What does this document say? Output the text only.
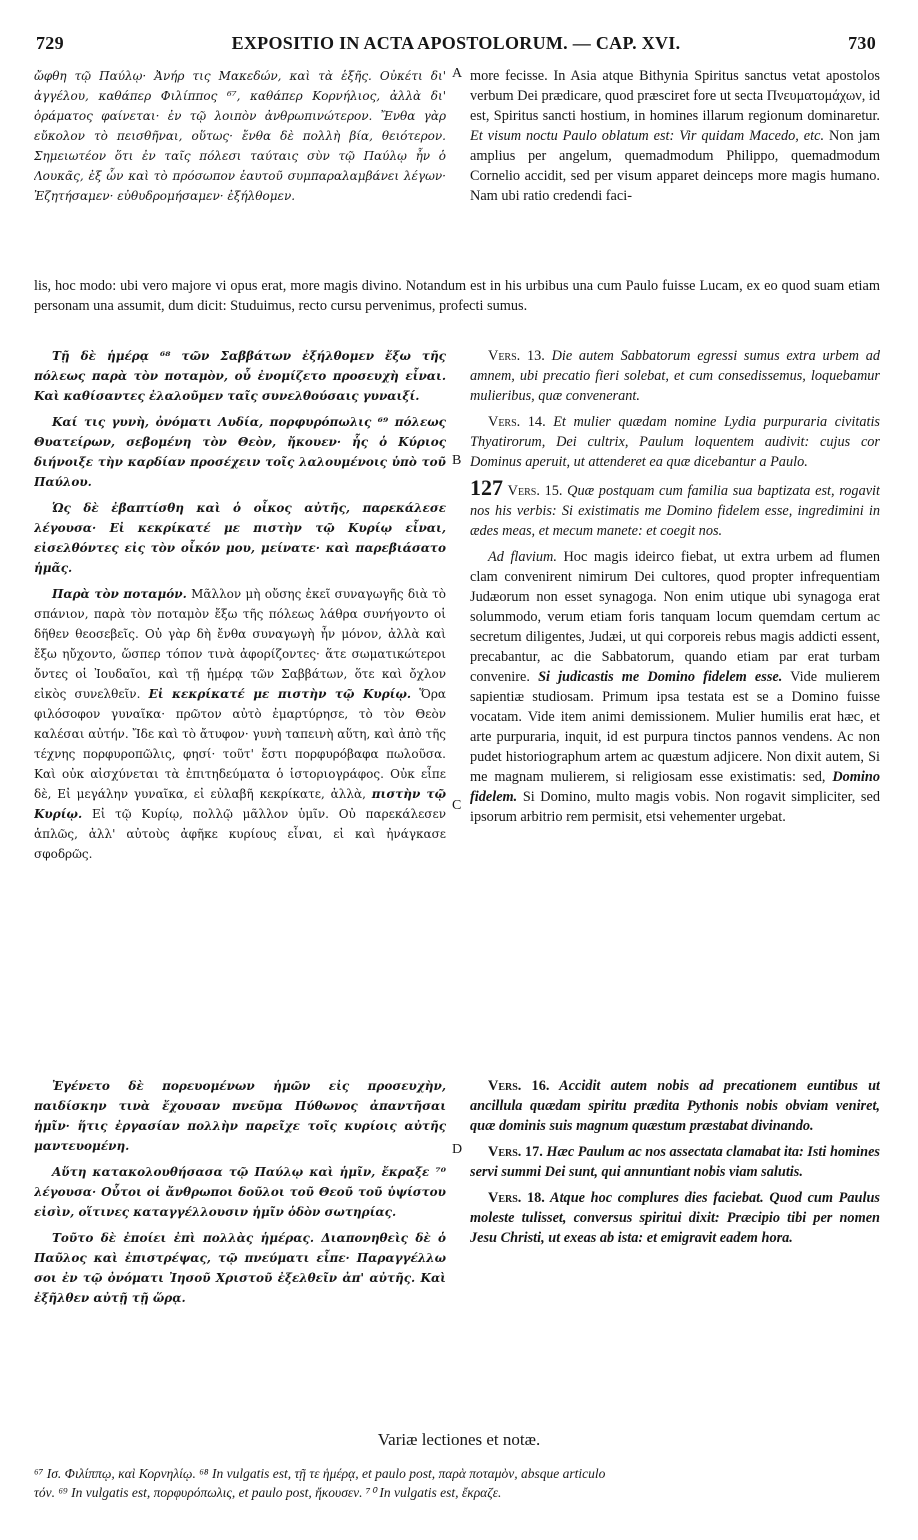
729	EXPOSITIO IN ACTA APOSTOLORUM. — CAP. XVI.	730
A
B
C
D

ὤφθη τῷ Παύλῳ· Ἀνήρ τις Μακεδών, καὶ τὰ ἑξῆς. Οὐκέτι δι' ἀγγέλου, καθάπερ Φιλίππος ⁶⁷, καθάπερ Κορνήλιος, ἀλλὰ δι' ὁράματος φαίνεται· ἐν τῷ λοιπὸν ἀνθρωπινώτερον. Ἔνθα γὰρ εὔκολον τὸ πεισθῆναι, οὕτως· ἔνθα δὲ πολλὴ βία, θειότερον. Σημειωτέον ὅτι ἐν ταῖς πόλεσι ταύταις σὺν τῷ Παύλῳ ἦν ὁ Λουκᾶς, ἐξ ὧν καὶ τὸ πρόσωπον ἑαυτοῦ συμπαραλαμβάνει λέγων· Ἐζητήσαμεν· εὐθυδρομήσαμεν· ἐξήλθομεν.

more fecisse. In Asia atque Bithynia Spiritus sanctus vetat apostolos verbum Dei prædicare, quod præsciret fore ut secta Πνευματομάχων, id est, Spiritus sancti hostium, in homines illarum regionum dominaretur. Et visum noctu Paulo oblatum est: Vir quidam Macedo, etc. Non jam amplius per angelum, quemadmodum Philippo, quemadmodum Cornelio accidit, sed per visum apparet deinceps more magis humano. Nam ubi ratio credendi faci-

lis, hoc modo: ubi vero majore vi opus erat, more magis divino. Notandum est in his urbibus una cum Paulo fuisse Lucam, ex eo quod suam etiam personam una assumit, dum dicit: Studuimus, recto cursu pervenimus, profecti sumus.

Τῇ δὲ ἡμέρᾳ ⁶⁸ τῶν Σαββάτων ἐξήλθομεν ἔξω τῆς πόλεως παρὰ τὸν ποταμὸν, οὗ ἐνομίζετο προσευχὴ εἶναι. Καὶ καθίσαντες ἐλαλοῦμεν ταῖς συνελθούσαις γυναιξί.

Καί τις γυνὴ, ὀνόματι Λυδία, πορφυρόπωλις ⁶⁹ πόλεως Θυατείρων, σεβομένη τὸν Θεὸν, ἤκουεν· ἧς ὁ Κύριος διήνοιξε τὴν καρδίαν προσέχειν τοῖς λαλουμένοις ὑπὸ τοῦ Παύλου.

Ὡς δὲ ἐβαπτίσθη καὶ ὁ οἶκος αὐτῆς, παρεκάλεσε λέγουσα· Εἰ κεκρίκατέ με πιστὴν τῷ Κυρίῳ εἶναι, εἰσελθόντες εἰς τὸν οἶκόν μου, μείνατε· καὶ παρεβιάσατο ἡμᾶς.

Παρὰ τὸν ποταμόν. Μᾶλλον μὴ οὔσης ἐκεῖ συναγωγῆς διὰ τὸ σπάνιον, παρὰ τὸν ποταμὸν ἔξω τῆς πόλεως λάθρα συνήγοντο οἱ δῆθεν θεοσεβεῖς. Οὐ γὰρ δὴ ἔνθα συναγωγὴ ἦν μόνον, ἀλλὰ καὶ ἔξω ηὔχοντο, ὥσπερ τόπον τινὰ ἀφορίζοντες· ἅτε σωματικώτεροι ὄντες οἱ Ἰουδαῖοι, καὶ τῇ ἡμέρᾳ τῶν Σαββάτων, ὅτε καὶ ὄχλον εἰκὸς συνελθεῖν. Εἰ κεκρίκατέ με πιστὴν τῷ Κυρίῳ. Ὅρα φιλόσοφον γυναῖκα· πρῶτον αὐτὸ ἐμαρτύρησε, τὸ τὸν Θεὸν καλέσαι αὐτήν. Ἴδε καὶ τὸ ἄτυφον· γυνὴ ταπεινὴ αὕτη, καὶ ἀπὸ τῆς τέχνης πορφυροπῶλις, φησί· τοῦτ' ἔστι πορφυρόβαφα πωλοῦσα. Καὶ οὐκ αἰσχύνεται τὰ ἐπιτηδεύματα ὁ ἱστοριογράφος. Οὐκ εἶπε δὲ, Εἰ μεγάλην γυναῖκα, εἰ εὐλαβῆ κεκρίκατε, ἀλλὰ, πιστὴν τῷ Κυρίῳ. Εἰ τῷ Κυρίῳ, πολλῷ μᾶλλον ὑμῖν. Οὐ παρεκάλεσεν ἁπλῶς, ἀλλ' αὐτοὺς ἀφῆκε κυρίους εἶναι, εἰ καὶ ἠνάγκασε σφοδρῶς.

Vers. 13. Die autem Sabbatorum egressi sumus extra urbem ad amnem, ubi precatio fieri solebat, et cum consedissemus, loquebamur mulieribus, quæ convenerant.

Vers. 14. Et mulier quædam nomine Lydia purpuraria civitatis Thyatirorum, Dei cultrix, Paulum loquentem audivit: cujus cor Dominus aperuit, ut attenderet ea quæ dicebantur a Paulo.

127 Vers. 15. Quæ postquam cum familia sua baptizata est, rogavit nos his verbis: Si existimatis me Domino fidelem esse, ingredimini in ædes meas, et mecum manete: et coegit nos.

Ad flavium. Hoc magis ideirco fiebat, ut extra urbem ad flumen clam convenirent nimirum Dei cultores, quod propter infrequentiam Judæorum non esset synagoga. Non enim utique ubi synagoga erat solummodo, verum etiam foris tanquam locum quemdam certum ac secretum diligentes, Judæi, ut qui corporeis rebus magis addicti essent, precabantur, ac die Sabbatorum, quando etiam par erat turbam convenire. Si judicastis me Domino fidelem esse. Vide mulierem sapientiæ studiosam. Primum ipsa testata est se a Domino fuisse vocatam. Vide item animi demissionem. Mulier humilis erat hæc, et arte purpuraria, inquit, id est purpura tinctos pannos vendens. Ac non pudet historiographum artem ac quæstum adjicere. Non dixit autem, Si me magnam mulierem, si religiosam esse existimatis: sed, Domino fidelem. Si Domino, multo magis vobis. Non rogavit simpliciter, sed ipsorum arbitrio rem permisit, etsi vehementer urgebat.

Ἐγένετο δὲ πορευομένων ἡμῶν εἰς προσευχὴν, παιδίσκην τινὰ ἔχουσαν πνεῦμα Πύθωνος ἀπαντῆσαι ἡμῖν· ἥτις ἐργασίαν πολλὴν παρεῖχε τοῖς κυρίοις αὐτῆς μαντευομένη.

Αὕτη κατακολουθήσασα τῷ Παύλῳ καὶ ἡμῖν, ἔκραξε ⁷⁰ λέγουσα· Οὗτοι οἱ ἄνθρωποι δοῦλοι τοῦ Θεοῦ τοῦ ὑψίστου εἰσὶν, οἵτινες καταγγέλλουσιν ἡμῖν ὁδὸν σωτηρίας.

Τοῦτο δὲ ἐποίει ἐπὶ πολλὰς ἡμέρας. Διαπονηθεὶς δὲ ὁ Παῦλος καὶ ἐπιστρέψας, τῷ πνεύματι εἶπε· Παραγγέλλω σοι ἐν τῷ ὀνόματι Ἰησοῦ Χριστοῦ ἐξελθεῖν ἀπ' αὐτῆς. Καὶ ἐξῆλθεν αὐτῇ τῇ ὥρᾳ.

Vers. 16. Accidit autem nobis ad precationem euntibus ut ancillula quædam spiritu prædita Pythonis nobis obviam veniret, quæ dominis suis magnum quæstum præstabat divinando.

Vers. 17. Hæc Paulum ac nos assectata clamabat ita: Isti homines servi summi Dei sunt, qui annuntiant nobis viam salutis.

Vers. 18. Atque hoc complures dies faciebat. Quod cum Paulus moleste tulisset, conversus spiritui dixit: Præcipio tibi per nomen Jesu Christi, ut exeas ab ista: et emigravit eadem hora.

Variæ lectiones et notæ.
⁶⁷ Ισ. Φιλίππῳ, καὶ Κορνηλίῳ. ⁶⁸ In vulgatis est, τῇ τε ἡμέρᾳ, et paulo post, παρὰ ποταμὸν, absque articulo
τόν. ⁶⁹ In vulgatis est, πορφυρόπωλις, et paulo post, ἤκουσεν. ⁷⁰ In vulgatis est, ἔκραζε.
